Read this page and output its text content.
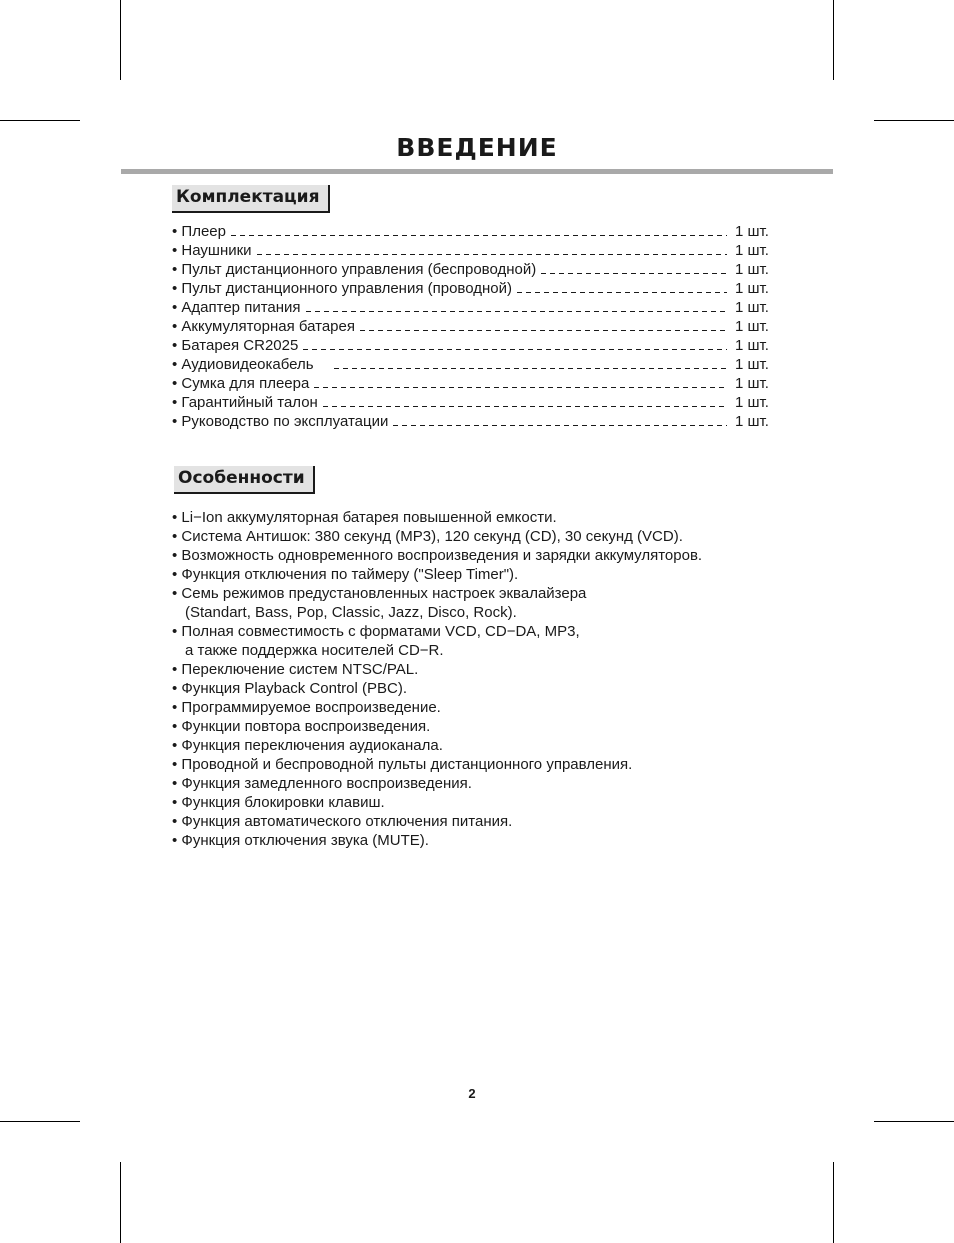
ВВЕДЕНИЕ
Комплектация
• Плеер	1 шт.
• Наушники	1 шт.
• Пульт дистанционного управления (беспроводной)	1 шт.
• Пульт дистанционного управления (проводной)	1 шт.
• Адаптер питания	1 шт.
• Аккумуляторная батарея	1 шт.
• Батарея CR2025	1 шт.
• Аудиовидеокабель	1 шт.
• Сумка для плеера	1 шт.
• Гарантийный талон	1 шт.
• Руководство по эксплуатации	1 шт.
Особенности
• Li−Ion аккумуляторная батарея повышенной емкости.
• Система Антишок: 380 секунд (MP3), 120 секунд (CD), 30 секунд (VCD).
• Возможность одновременного воспроизведения и зарядки аккумуляторов.
• Функция отключения по таймеру ("Sleep Timer").
• Семь режимов предустановленных настроек эквалайзера
(Standart, Bass, Pop, Classic, Jazz, Disco, Rock).
• Полная совместимость с форматами VCD, CD−DA, MP3,
а также поддержка носителей CD−R.
• Переключение систем NTSC/PAL.
• Функция Playback Control (PBC).
• Программируемое воспроизведение.
• Функции повтора воспроизведения.
• Функция переключения аудиоканала.
• Проводной и беспроводной пульты дистанционного управления.
• Функция замедленного воспроизведения.
• Функция блокировки клавиш.
• Функция автоматического отключения питания.
• Функция отключения звука (MUTE).
2
